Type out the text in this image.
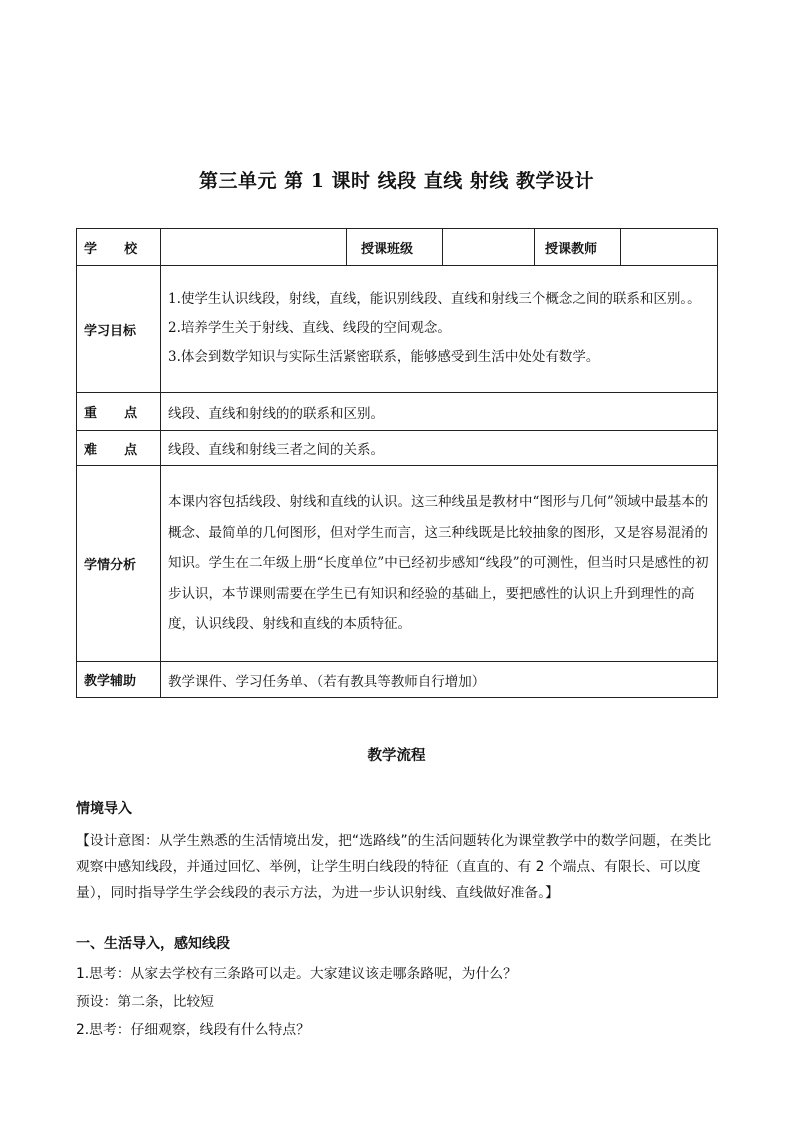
第三单元 第 1 课时 线段 直线 射线 教学设计
学      校		授课班级		授课教师	
学习目标	1.使学生认识线段，射线，直线，能识别线段、直线和射线三个概念之间的联系和区别。。
2.培养学生关于射线、直线、线段的空间观念。
3.体会到数学知识与实际生活紧密联系，能够感受到生活中处处有数学。				

重      点	线段、直线和射线的的联系和区别。				
难      点	线段、直线和射线三者之间的关系。				
学情分析	本课内容包括线段、射线和直线的认识。这三种线虽是教材中“图形与几何”领域中最基本的概念、最简单的几何图形，但对学生而言，这三种线既是比较抽象的图形，又是容易混淆的知识。学生在二年级上册“长度单位”中已经初步感知“线段”的可测性，但当时只是感性的初步认识，本节课则需要在学生已有知识和经验的基础上，要把感性的认识上升到理性的高度，认识线段、射线和直线的本质特征。				
教学辅助	教学课件、学习任务单、（若有教具等教师自行增加）				
教学流程
情境导入
【设计意图：从学生熟悉的生活情境出发，把“选路线”的生活问题转化为课堂教学中的数学问题，在类比观察中感知线段，并通过回忆、举例，让学生明白线段的特征（直直的、有 2 个端点、有限长、可以度量），同时指导学生学会线段的表示方法，为进一步认识射线、直线做好准备。】
一、生活导入，感知线段
1.思考：从家去学校有三条路可以走。大家建议该走哪条路呢，为什么？
预设：第二条，比较短
2.思考：仔细观察，线段有什么特点？
